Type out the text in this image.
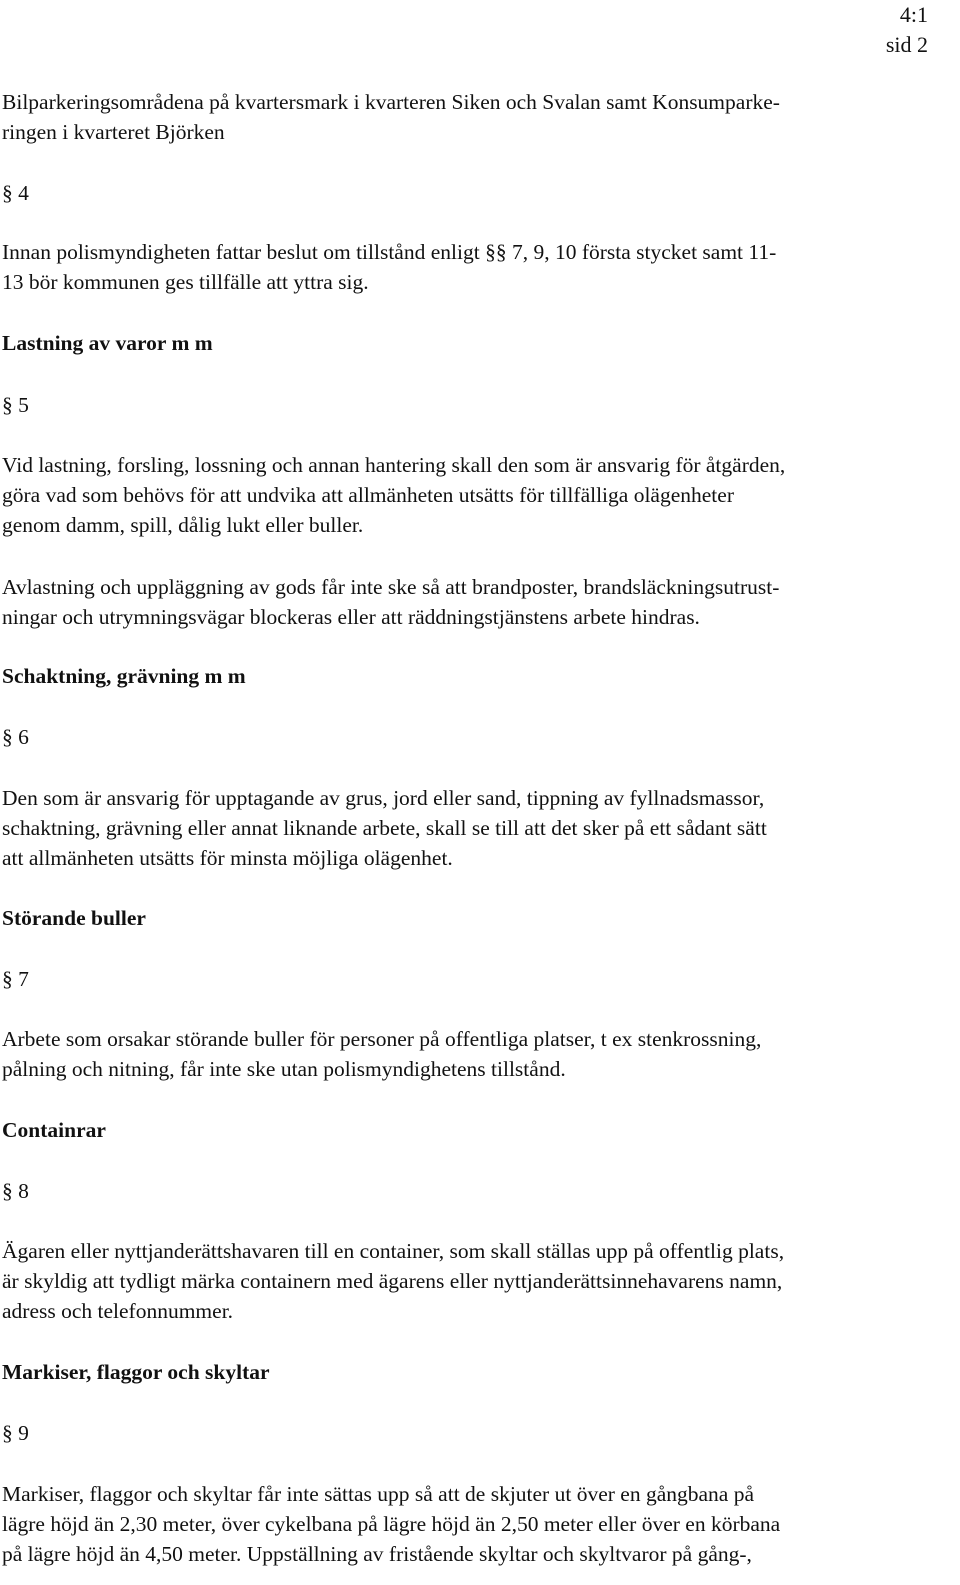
4:1
sid 2
Bilparkeringsområdena på kvartersmark i kvarteren Siken och Svalan samt Konsumparke-
ringen i kvarteret Björken
§ 4
Innan polismyndigheten fattar beslut om tillstånd enligt §§ 7, 9, 10 första stycket samt 11-
13 bör kommunen ges tillfälle att yttra sig.
Lastning av varor m m
§ 5
Vid lastning, forsling, lossning och annan hantering skall den som är ansvarig för åtgärden,
göra vad som behövs för att undvika att allmänheten utsätts för tillfälliga olägenheter
genom damm, spill, dålig lukt eller buller.
Avlastning och uppläggning av gods får inte ske så att brandposter, brandsläckningsutrust-
ningar och utrymningsvägar blockeras eller att räddningstjänstens arbete hindras.
Schaktning, grävning m m
§ 6
Den som är ansvarig för upptagande av grus, jord eller sand, tippning av fyllnadsmassor,
schaktning, grävning eller annat liknande arbete, skall se till att det sker på ett sådant sätt
att allmänheten utsätts för minsta möjliga olägenhet.
Störande buller
§ 7
Arbete som orsakar störande buller för personer på offentliga platser, t ex stenkrossning,
pålning och nitning, får inte ske utan polismyndighetens tillstånd.
Containrar
§ 8
Ägaren eller nyttjanderättshavaren till en container, som skall ställas upp på offentlig plats,
är skyldig att tydligt märka containern med ägarens eller nyttjanderättsinnehavarens namn,
adress och telefonnummer.
Markiser, flaggor och skyltar
§ 9
Markiser, flaggor och skyltar får inte sättas upp så att de skjuter ut över en gångbana på
lägre höjd än 2,30 meter, över cykelbana på lägre höjd än 2,50 meter eller över en körbana
på lägre höjd än 4,50 meter. Uppställning av fristående skyltar och skyltvaror på gång-,
